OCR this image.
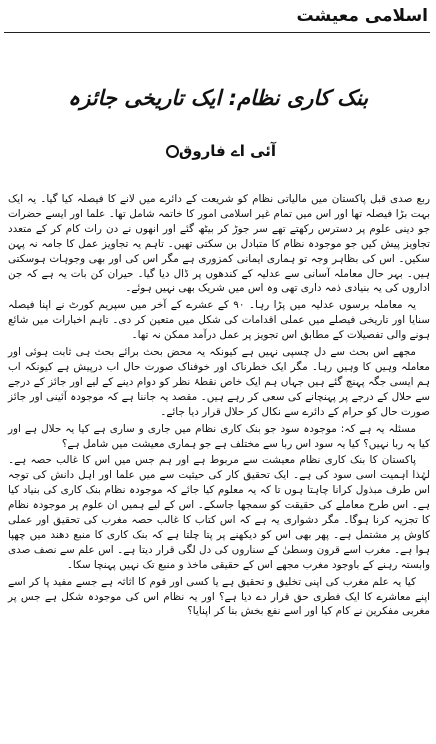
اسلامی معیشت
بنک کاری نظام: ایک تاریخی جائزہ
آئی اے فاروق

ربع صدی قبل پاکستان میں مالیاتی نظام کو شریعت کے دائرے میں لانے کا فیصلہ کیا گیا۔ یہ ایک بہت بڑا فیصلہ تھا اور اس میں تمام غیر اسلامی امور کا خاتمہ شامل تھا۔ علما اور ایسے حضرات جو دینی علوم پر دسترس رکھتے تھے سر جوڑ کر بیٹھ گئے اور انھوں نے دن رات کام کر کے متعدد تجاویز پیش کیں جو موجودہ نظام کا متبادل بن سکتی تھیں۔ تاہم یہ تجاویز عمل کا جامہ نہ پہن سکیں۔ اس کی بظاہر وجہ تو ہماری ایمانی کمزوری ہے مگر اس کی اور بھی وجوہات ہوسکتی ہیں۔ بہر حال معاملہ آسانی سے عدلیہ کے کندھوں پر ڈال دیا گیا۔ حیران کن بات یہ ہے کہ جن اداروں کی یہ بنیادی ذمہ داری تھی وہ اس میں شریک بھی نہیں ہوئے۔

یہ معاملہ برسوں عدلیہ میں پڑا رہا۔ ۹۰ کے عشرے کے آخر میں سپریم کورٹ نے اپنا فیصلہ سنایا اور تاریخی فیصلے میں عملی اقدامات کی شکل میں متعین کر دی۔ تاہم اخبارات میں شائع ہونے والی تفصیلات کے مطابق اس تجویز پر عمل درآمد ممکن نہ تھا۔

مجھے اس بحث سے دل چسپی نہیں ہے کیونکہ یہ محض بحث برائے بحث ہی ثابت ہوئی اور معاملہ وہیں کا وہیں رہا۔ مگر ایک خطرناک اور خوفناک صورت حال اب درپیش ہے کیونکہ اب ہم ایسی جگہ پہنچ گئے ہیں جہاں ہم ایک خاص نقطۂ نظر کو دوام دینے کے لیے اور جائز کے درجے سے حلال کے درجے پر پہنچانے کی سعی کر رہے ہیں۔ مقصد یہ جاننا ہے کہ موجودہ آئینی اور جائز صورت حال کو حرام کے دائرے سے نکال کر حلال قرار دیا جائے۔

مسئلہ یہ ہے کہ: موجودہ سود جو بنک کاری نظام میں جاری و ساری ہے کیا یہ حلال ہے اور کیا یہ ربا نہیں؟ کیا یہ سود اس ربا سے مختلف ہے جو ہماری معیشت میں شامل ہے؟

پاکستان کا بنک کاری نظام معیشت سے مربوط ہے اور ہم جس میں اس کا غالب حصہ ہے۔ لہٰذا اہمیت اسی سود کی ہے۔ ایک تحقیق کار کی حیثیت سے میں علما اور اہل دانش کی توجہ اس طرف مبذول کرانا چاہتا ہوں تا کہ یہ معلوم کیا جائے کہ موجودہ نظام بنک کاری کی بنیاد کیا ہے۔ اس طرح معاملے کی حقیقت کو سمجھا جاسکے۔ اس کے لیے ہمیں ان علوم پر موجودہ نظام کا تجزیہ کرنا ہوگا۔ مگر دشواری یہ ہے کہ اس کتاب کا غالب حصہ مغرب کی تحقیق اور عملی کاوش پر مشتمل ہے۔ پھر بھی اس کو دیکھنے پر پتا چلتا ہے کہ بنک کاری کا منبع دھند میں چھپا ہوا ہے۔ مغرب اسے قرون وسطیٰ کے سناروں کی دل لگی قرار دیتا ہے۔ اس علم سے نصف صدی وابستہ رہنے کے باوجود مغرب مجھے اس کے حقیقی ماخذ و منبع تک نہیں پہنچا سکا۔

کیا یہ علم مغرب کی اپنی تخلیق و تحقیق ہے یا کسی اور قوم کا اثاثہ ہے جسے مفید پا کر اسے اپنے معاشرے کا ایک فطری حق قرار دے دیا ہے؟ اور یہ نظام اس کی موجودہ شکل ہے جس پر مغربی مفکرین نے کام کیا اور اسے نفع بخش بنا کر اپنایا؟
